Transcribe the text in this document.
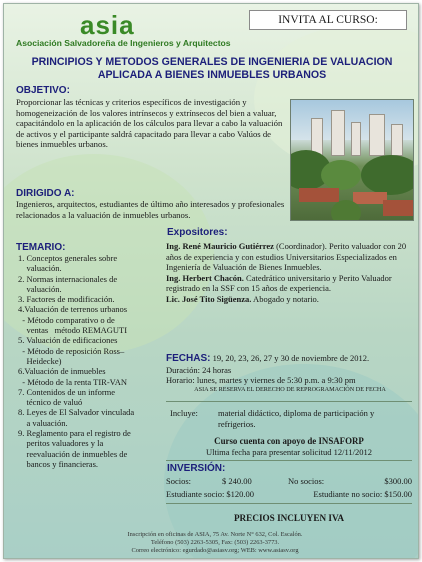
asia
Asociación Salvadoreña de Ingenieros y Arquitectos
INVITA AL CURSO:
PRINCIPIOS Y METODOS GENERALES DE INGENIERIA DE VALUACION
APLICADA A BIENES INMUEBLES URBANOS
OBJETIVO:
Proporcionar las técnicas y criterios específicos de investigación y homogeneización de los valores intrínsecos y extrínsecos del bien a valuar, capacitándolo en la aplicación de los cálculos para llevar a cabo la valuación de activos y el participante saldrá capacitado para llevar a cabo Valúos de bienes inmuebles urbanos.
DIRIGIDO A:
Ingenieros, arquitectos, estudiantes de último año interesados y profesionales relacionados a la valuación de inmuebles urbanos.
TEMARIO:
1. Conceptos generales sobre
valuación.
2. Normas internacionales de
valuación.
3. Factores de modificación.
4.Valuación de terrenos urbanos
- Método comparativo o de
ventas   método REMAGUTI
5. Valuación de edificaciones
- Método de reposición Ross–
Heidecke)
6.Valuación de inmuebles
- Método de la renta TIR-VAN
7. Contenidos de un informe
técnico de valuó
8. Leyes de El Salvador vinculada
a valuación.
9. Reglamento para el registro de
peritos valuadores y la
reevaluación de inmuebles de
bancos y financieras.
Expositores:

Ing. René Mauricio Gutiérrez (Coordinador). Perito valuador con 20 años de experiencia y con estudios Universitarios Especializados en Ingeniería de Valuación de Bienes Inmuebles.

Ing. Herbert Chacón. Catedrático universitario y Perito Valuador registrado en la SSF con 15 años de experiencia.

Lic. José Tito Sigüenza. Abogado y notario.

FECHAS: 19, 20, 23, 26, 27 y 30 de noviembre de 2012.
Duración: 24 horas
Horario: lunes, martes y viernes de 5:30 p.m. a 9:30 pm
ASIA SE RESERVA EL DERECHO DE REPROGRAMACIÓN DE FECHA
Incluye:	material didáctico, diploma de participación y refrigerios.
Curso cuenta con apoyo de INSAFORP
Ultima fecha para presentar solicitud 12/11/2012
INVERSIÓN:
Socios:	$ 240.00	No socios:	$300.00
Estudiante socio: $120.00	Estudiante no socio: $150.00
PRECIOS INCLUYEN IVA
Inscripción en oficinas de ASIA, 75 Av. Norte N° 632, Col. Escalón.
Teléfono (503) 2263-5305, Fax: (503) 2263-3773.
Correo electrónico: egurdado@asiasv.org; WEB: www.asiasv.org
